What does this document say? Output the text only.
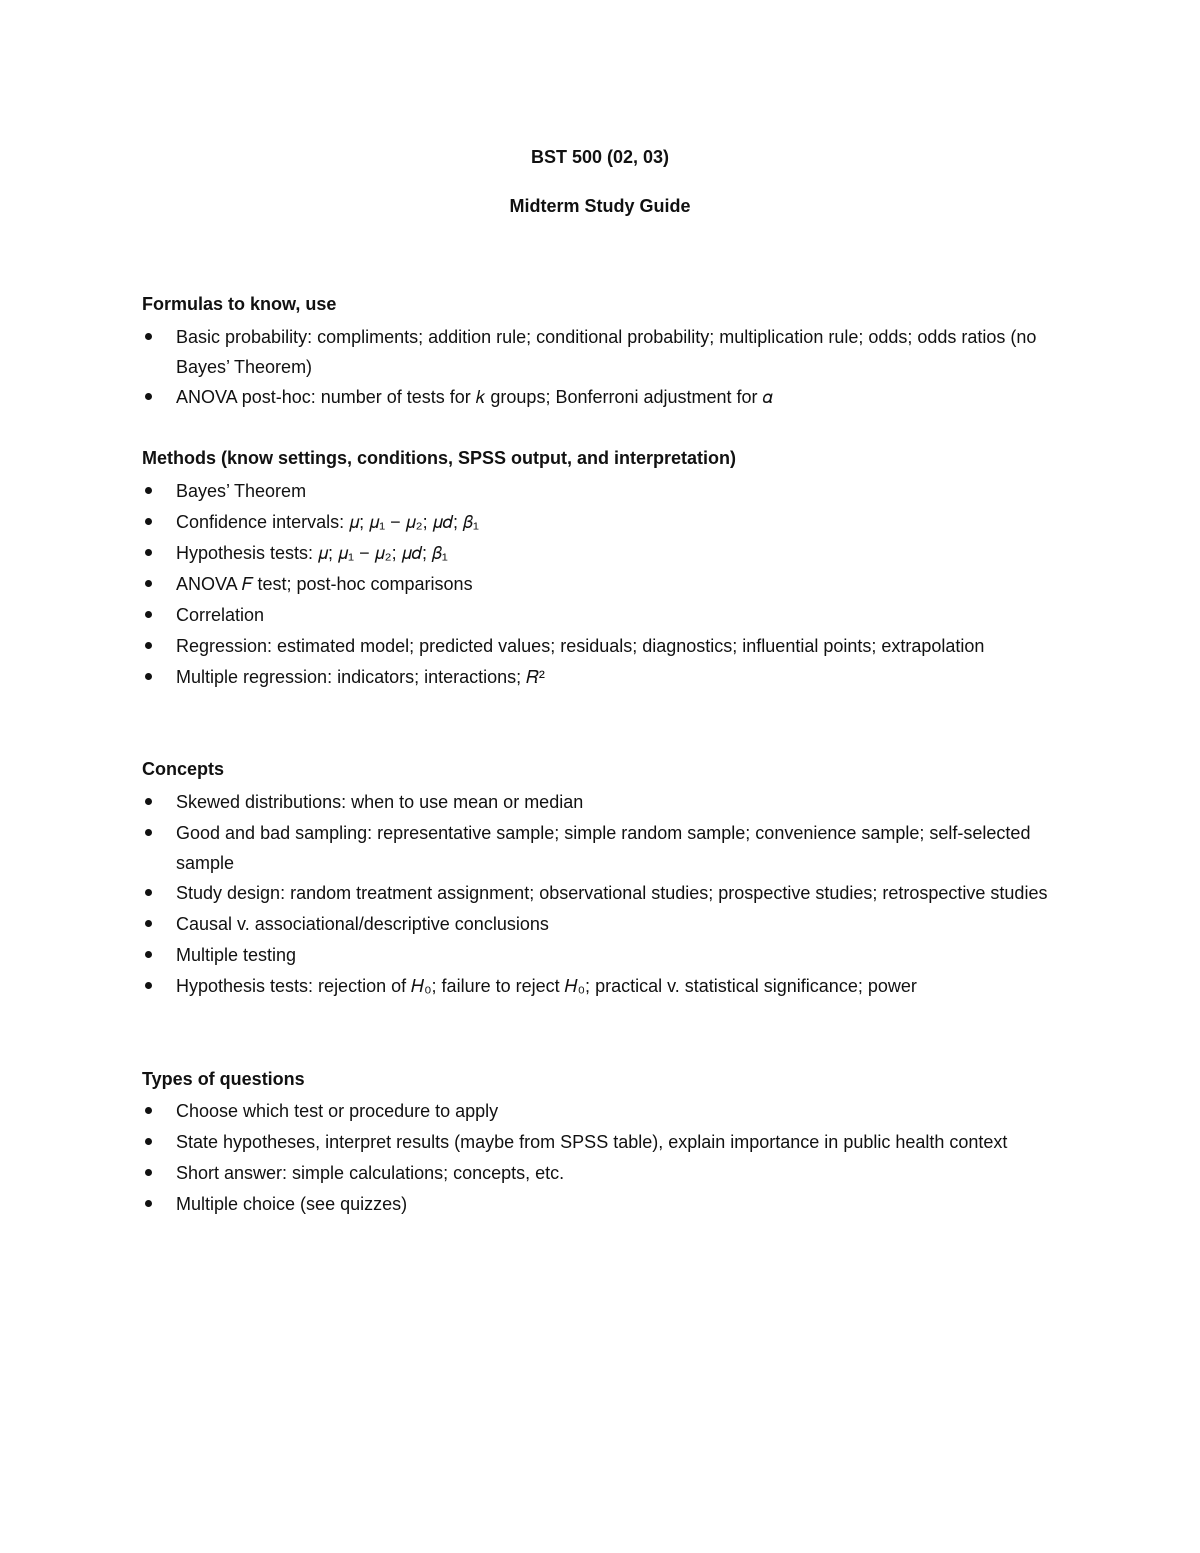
BST 500 (02, 03)
Midterm Study Guide
Formulas to know, use
Basic probability: compliments; addition rule; conditional probability; multiplication rule; odds; odds ratios (no Bayes’ Theorem)
ANOVA post-hoc: number of tests for 𝑘 groups; Bonferroni adjustment for 𝛼
Methods (know settings, conditions, SPSS output, and interpretation)
Bayes’ Theorem
Confidence intervals: 𝜇; 𝜇₁ − 𝜇₂; 𝜇𝑑; 𝛽₁
Hypothesis tests: 𝜇; 𝜇₁ − 𝜇₂; 𝜇𝑑; 𝛽₁
ANOVA 𝐹 test; post-hoc comparisons
Correlation
Regression: estimated model; predicted values; residuals; diagnostics; influential points; extrapolation
Multiple regression: indicators; interactions; 𝑅²
Concepts
Skewed distributions: when to use mean or median
Good and bad sampling: representative sample; simple random sample; convenience sample; self-selected sample
Study design: random treatment assignment; observational studies; prospective studies; retrospective studies
Causal v. associational/descriptive conclusions
Multiple testing
Hypothesis tests: rejection of 𝐻₀; failure to reject 𝐻₀; practical v. statistical significance; power
Types of questions
Choose which test or procedure to apply
State hypotheses, interpret results (maybe from SPSS table), explain importance in public health context
Short answer: simple calculations; concepts, etc.
Multiple choice (see quizzes)
